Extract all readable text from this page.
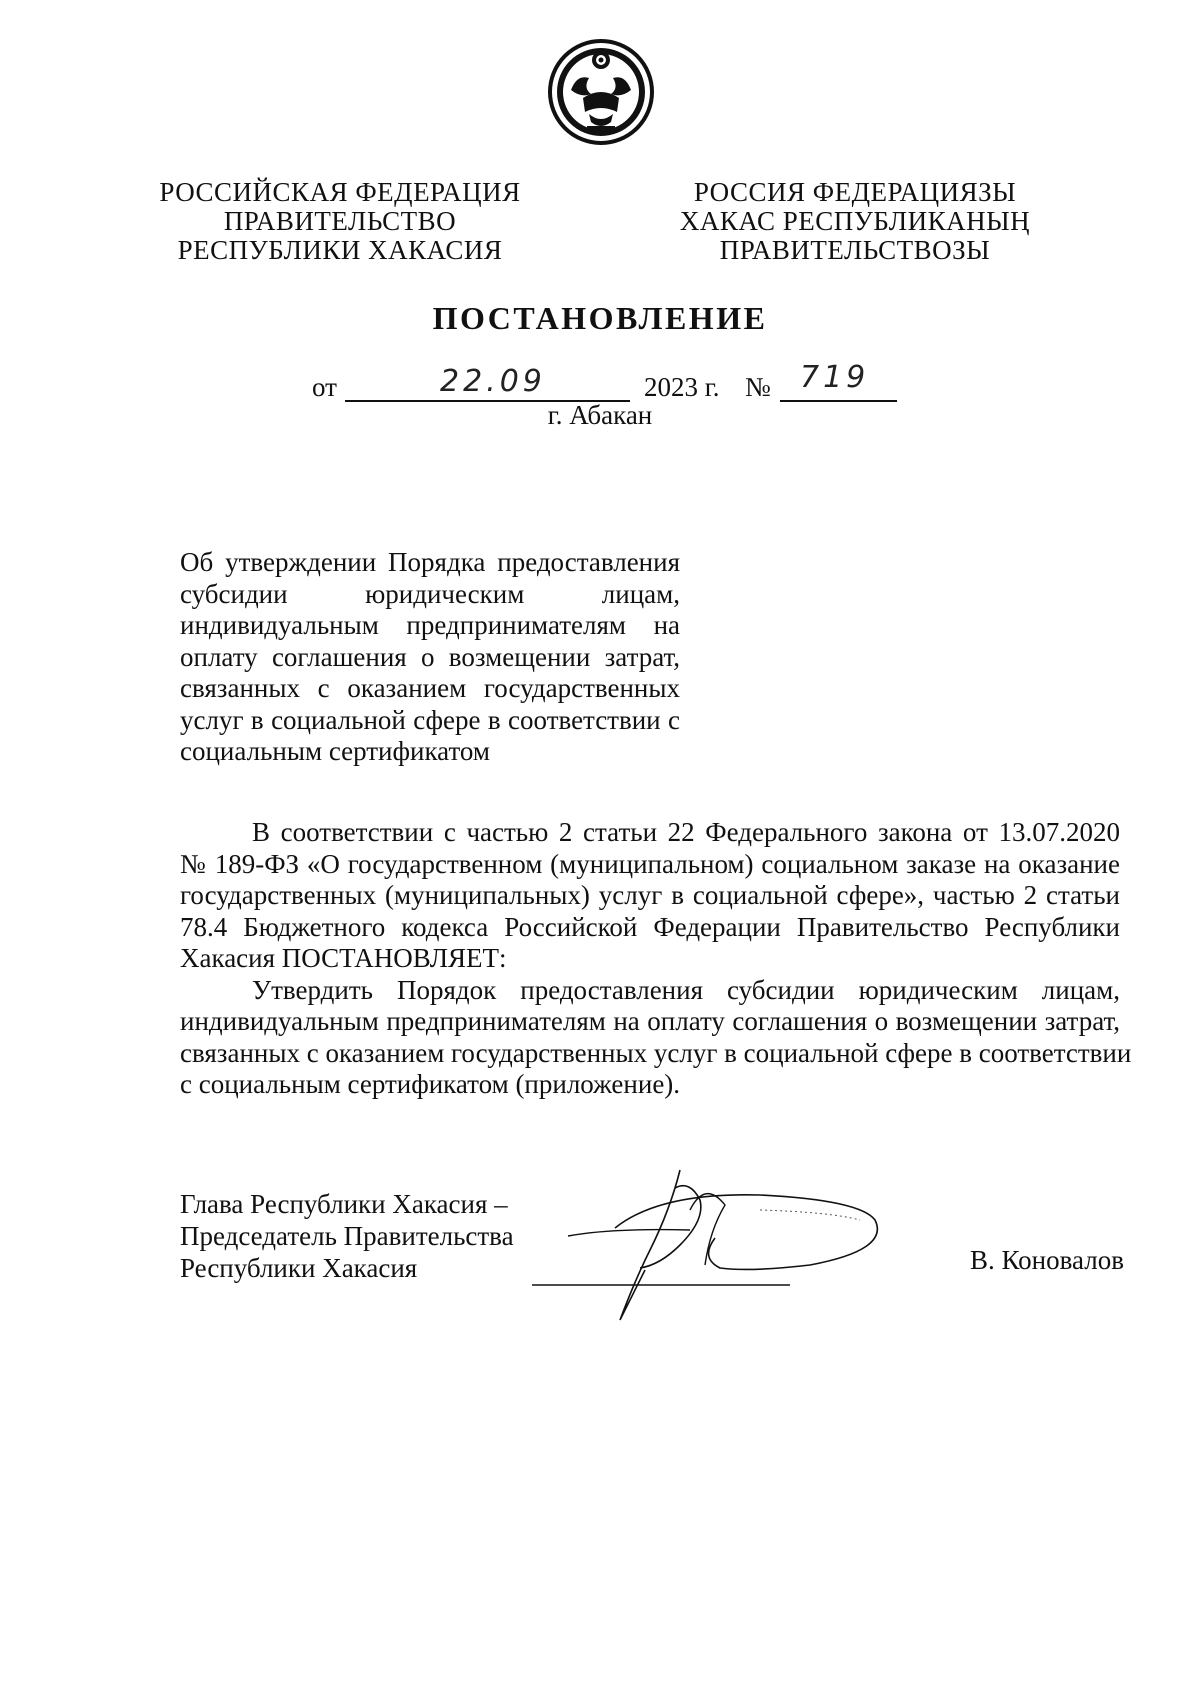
РОССИЙСКАЯ ФЕДЕРАЦИЯ
ПРАВИТЕЛЬСТВО
РЕСПУБЛИКИ ХАКАСИЯ
РОССИЯ ФЕДЕРАЦИЯЗЫ
ХАКАС РЕСПУБЛИКАНЫҢ
ПРАВИТЕЛЬСТВОЗЫ
ПОСТАНОВЛЕНИЕ
от	22.09	2023 г. № 719
г. Абакан
Об утверждении Порядка предоставления
субсидии юридическим лицам,
индивидуальным предпринимателям на
оплату соглашения о возмещении затрат,
связанных с оказанием государственных
услуг в социальной сфере в соответствии с
социальным сертификатом
В соответствии с частью 2 статьи 22 Федерального закона от 13.07.2020
№ 189-ФЗ «О государственном (муниципальном) социальном заказе на оказание
государственных (муниципальных) услуг в социальной сфере», частью 2 статьи
78.4 Бюджетного кодекса Российской Федерации Правительство Республики
Хакасия ПОСТАНОВЛЯЕТ:
Утвердить Порядок предоставления субсидии юридическим лицам,
индивидуальным предпринимателям на оплату соглашения о возмещении затрат,
связанных с оказанием государственных услуг в социальной сфере в соответствии
с социальным сертификатом (приложение).
Глава Республики Хакасия –
Председатель Правительства
Республики Хакасия	В. Коновалов
